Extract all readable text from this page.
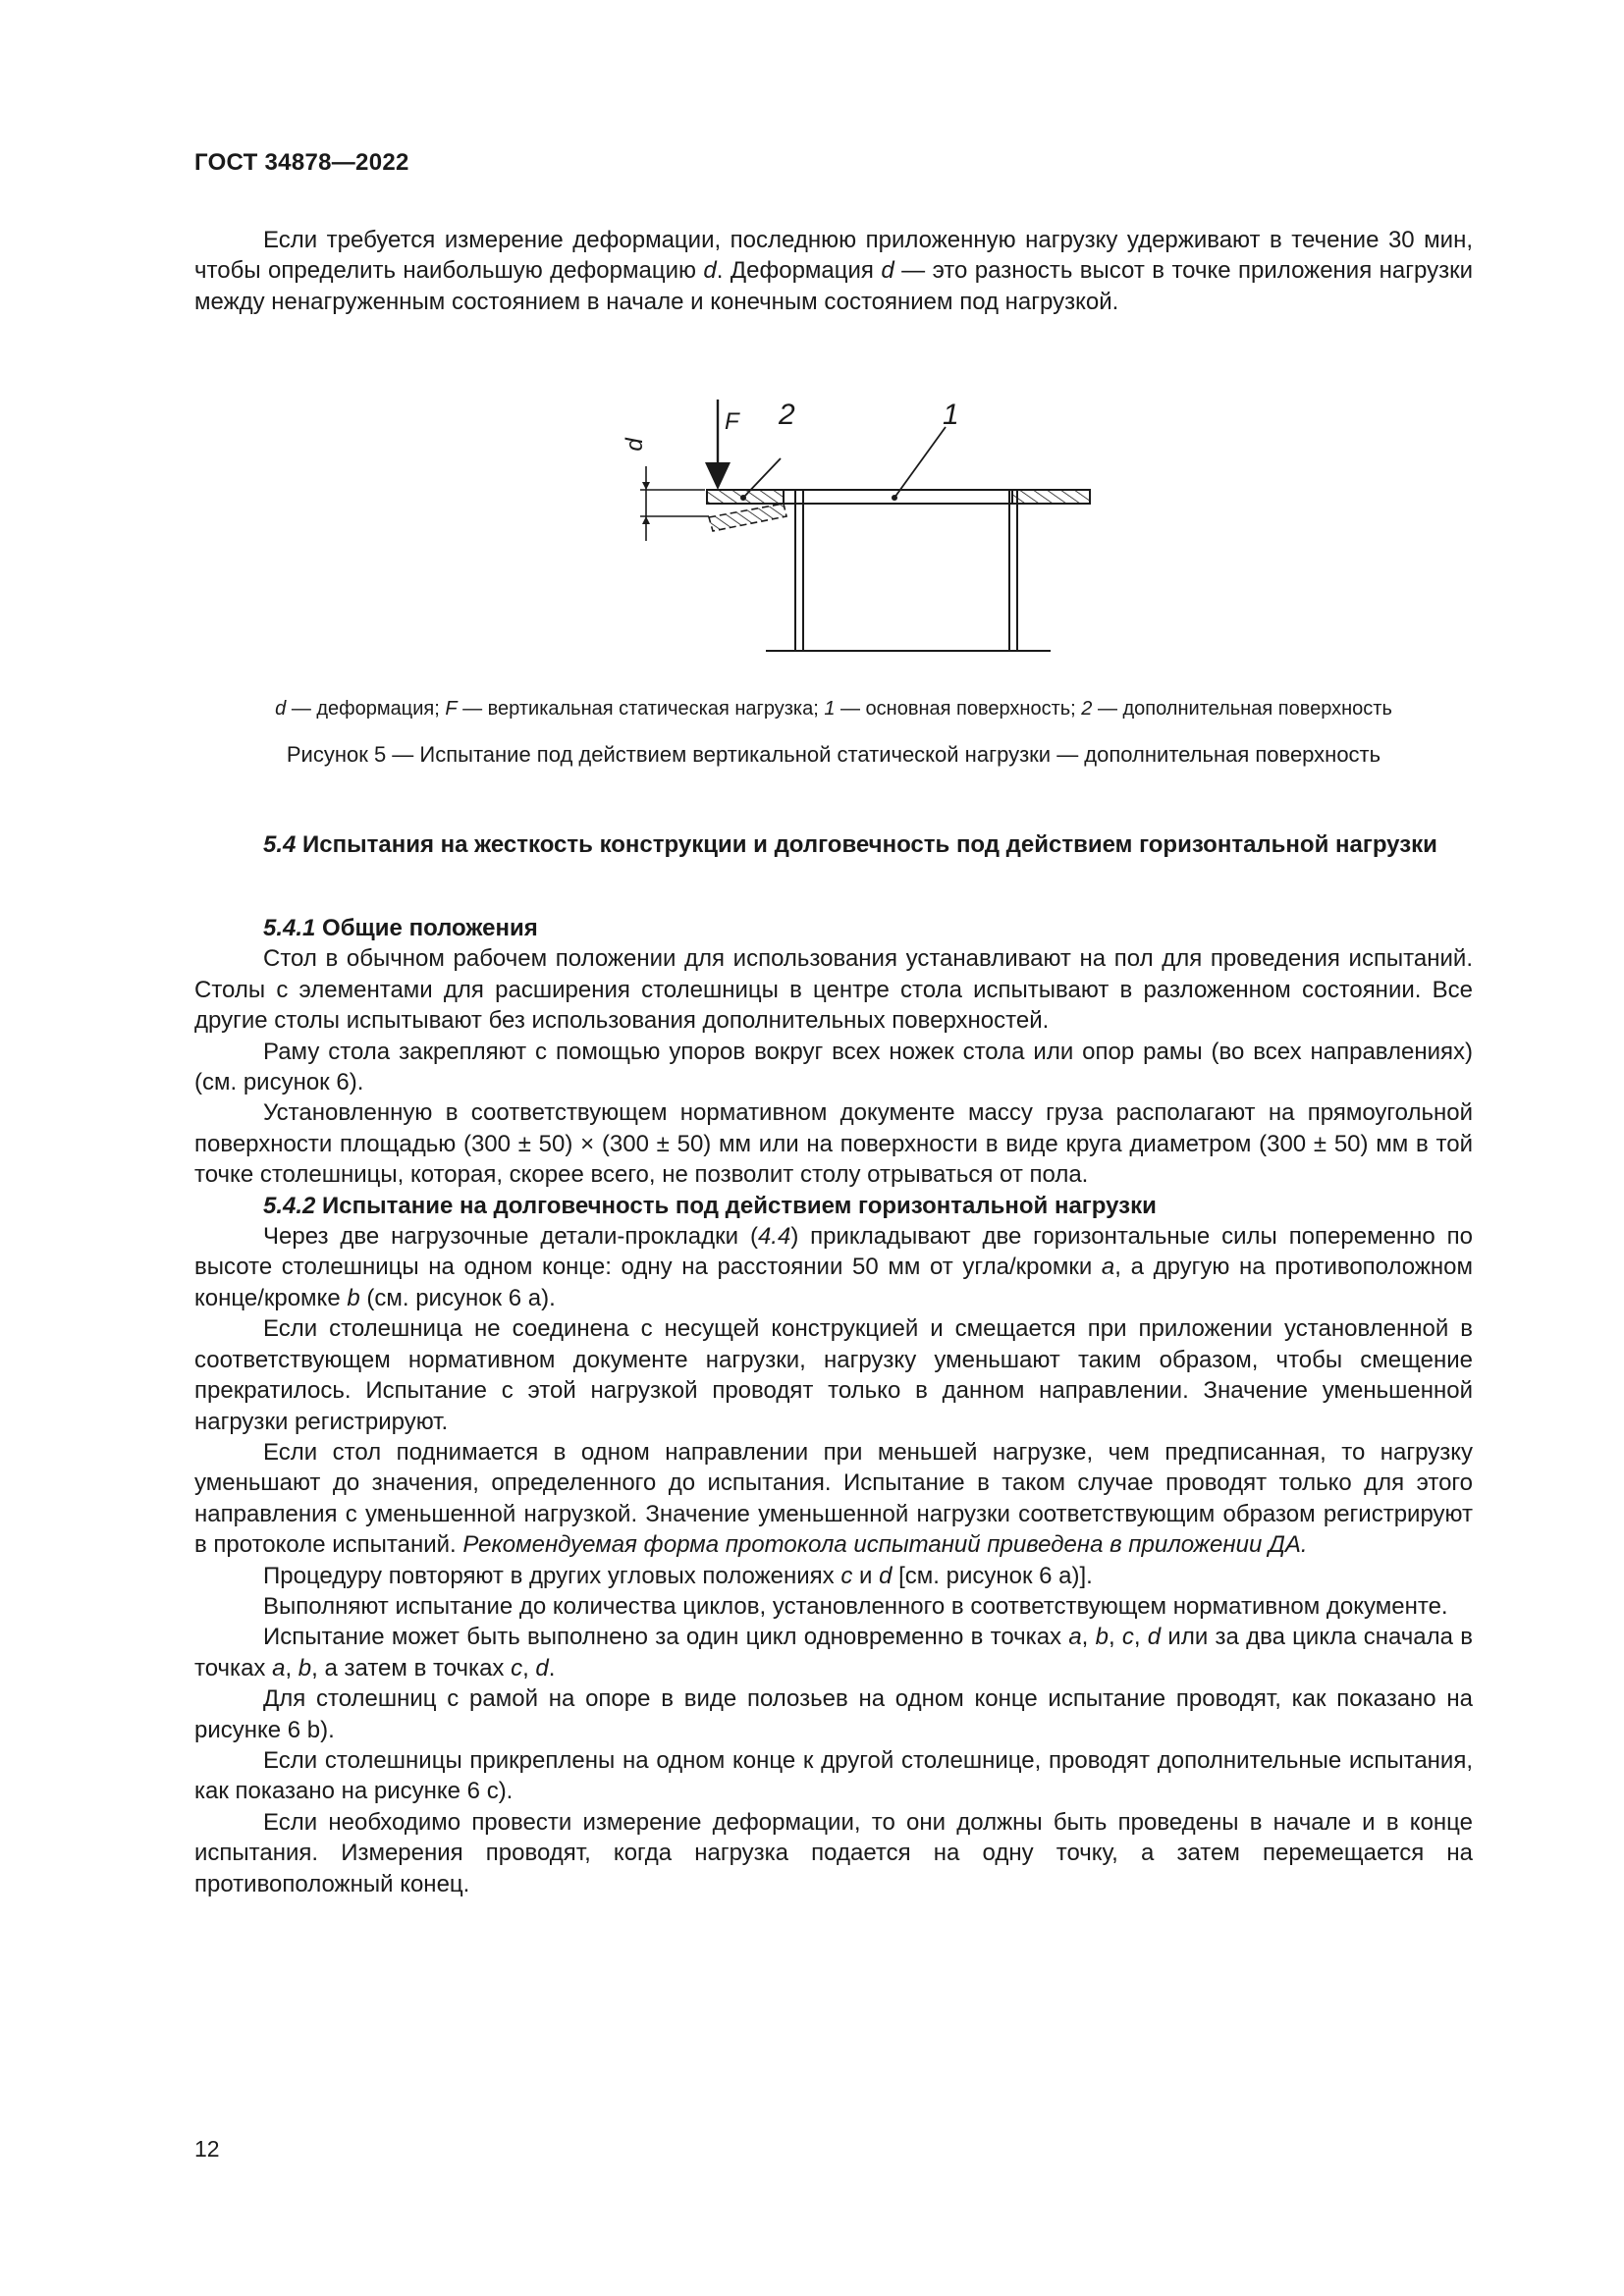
ГОСТ 34878—2022

Если требуется измерение деформации, последнюю приложенную нагрузку удерживают в течение 30 мин, чтобы определить наибольшую деформацию d. Деформация d — это разность высот в точке приложения нагрузки между ненагруженным состоянием в начале и конечным состоянием под нагрузкой.

d
F 2	1
d — деформация; F — вертикальная статическая нагрузка; 1 — основная поверхность; 2 — дополнительная поверхность
Рисунок 5 — Испытание под действием вертикальной статической нагрузки — дополнительная поверхность
5.4 Испытания на жесткость конструкции и долговечность под действием горизонтальной нагрузки

5.4.1 Общие положения

Стол в обычном рабочем положении для использования устанавливают на пол для проведения испытаний. Столы с элементами для расширения столешницы в центре стола испытывают в разложенном состоянии. Все другие столы испытывают без использования дополнительных поверхностей.

Раму стола закрепляют с помощью упоров вокруг всех ножек стола или опор рамы (во всех направлениях) (см. рисунок 6).

Установленную в соответствующем нормативном документе массу груза располагают на прямоугольной поверхности площадью (300 ± 50) × (300 ± 50) мм или на поверхности в виде круга диаметром (300 ± 50) мм в той точке столешницы, которая, скорее всего, не позволит столу отрываться от пола.

5.4.2 Испытание на долговечность под действием горизонтальной нагрузки

Через две нагрузочные детали-прокладки (4.4) прикладывают две горизонтальные силы попеременно по высоте столешницы на одном конце: одну на расстоянии 50 мм от угла/кромки a, а другую на противоположном конце/кромке b (см. рисунок 6 а).

Если столешница не соединена с несущей конструкцией и смещается при приложении установленной в соответствующем нормативном документе нагрузки, нагрузку уменьшают таким образом, чтобы смещение прекратилось. Испытание с этой нагрузкой проводят только в данном направлении. Значение уменьшенной нагрузки регистрируют.

Если стол поднимается в одном направлении при меньшей нагрузке, чем предписанная, то нагрузку уменьшают до значения, определенного до испытания. Испытание в таком случае проводят только для этого направления с уменьшенной нагрузкой. Значение уменьшенной нагрузки соответствующим образом регистрируют в протоколе испытаний. Рекомендуемая форма протокола испытаний приведена в приложении ДА.

Процедуру повторяют в других угловых положениях c и d [см. рисунок 6 а)].

Выполняют испытание до количества циклов, установленного в соответствующем нормативном документе.

Испытание может быть выполнено за один цикл одновременно в точках a, b, c, d или за два цикла сначала в точках a, b, а затем в точках c, d.

Для столешниц с рамой на опоре в виде полозьев на одном конце испытание проводят, как показано на рисунке 6 b).

Если столешницы прикреплены на одном конце к другой столешнице, проводят дополнительные испытания, как показано на рисунке 6 с).

Если необходимо провести измерение деформации, то они должны быть проведены в начале и в конце испытания. Измерения проводят, когда нагрузка подается на одну точку, а затем перемещается на противоположный конец.

12
